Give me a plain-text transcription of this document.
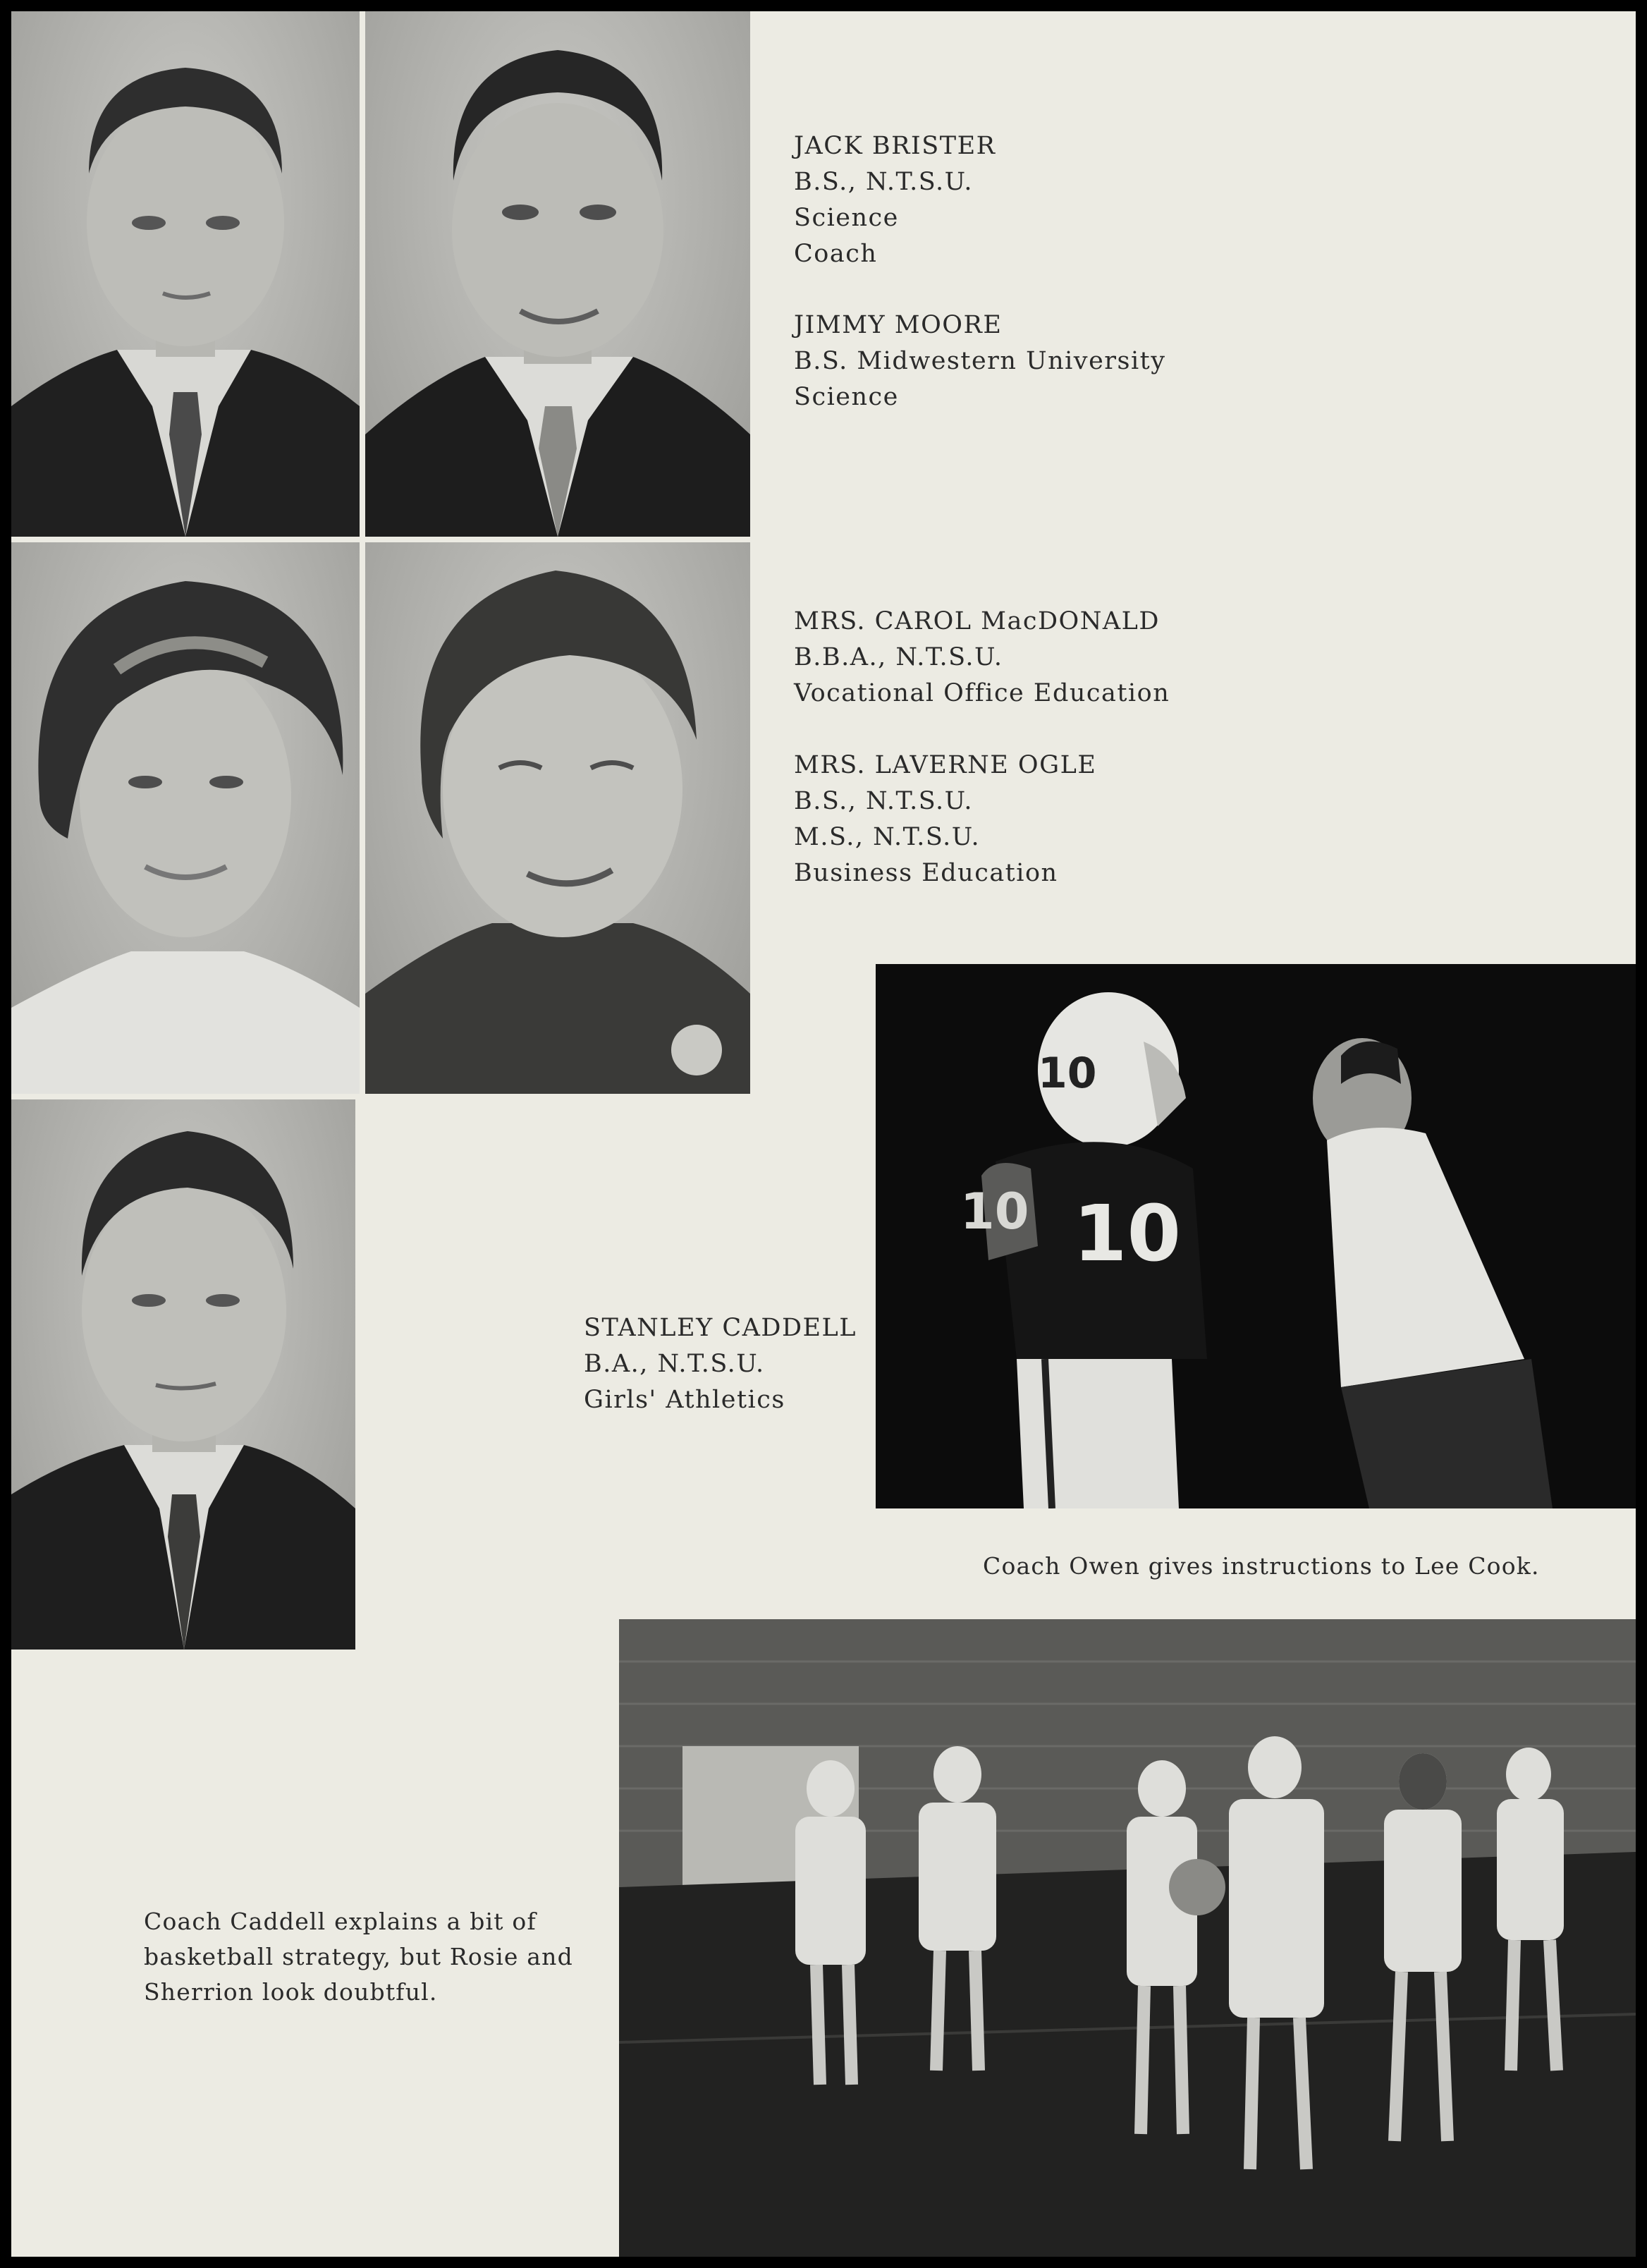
JACK BRISTER
B.S., N.T.S.U.
Science
Coach
JIMMY MOORE
B.S. Midwestern University
Science
MRS. CAROL MacDONALD
B.B.A., N.T.S.U.
Vocational Office Education
MRS. LAVERNE OGLE
B.S., N.T.S.U.
M.S., N.T.S.U.
Business Education
10
10
10
Coach Owen gives instructions to Lee Cook.
STANLEY CADDELL
B.A., N.T.S.U.
Girls' Athletics
Coach Caddell explains a bit of
basketball strategy, but Rosie and
Sherrion look doubtful.
